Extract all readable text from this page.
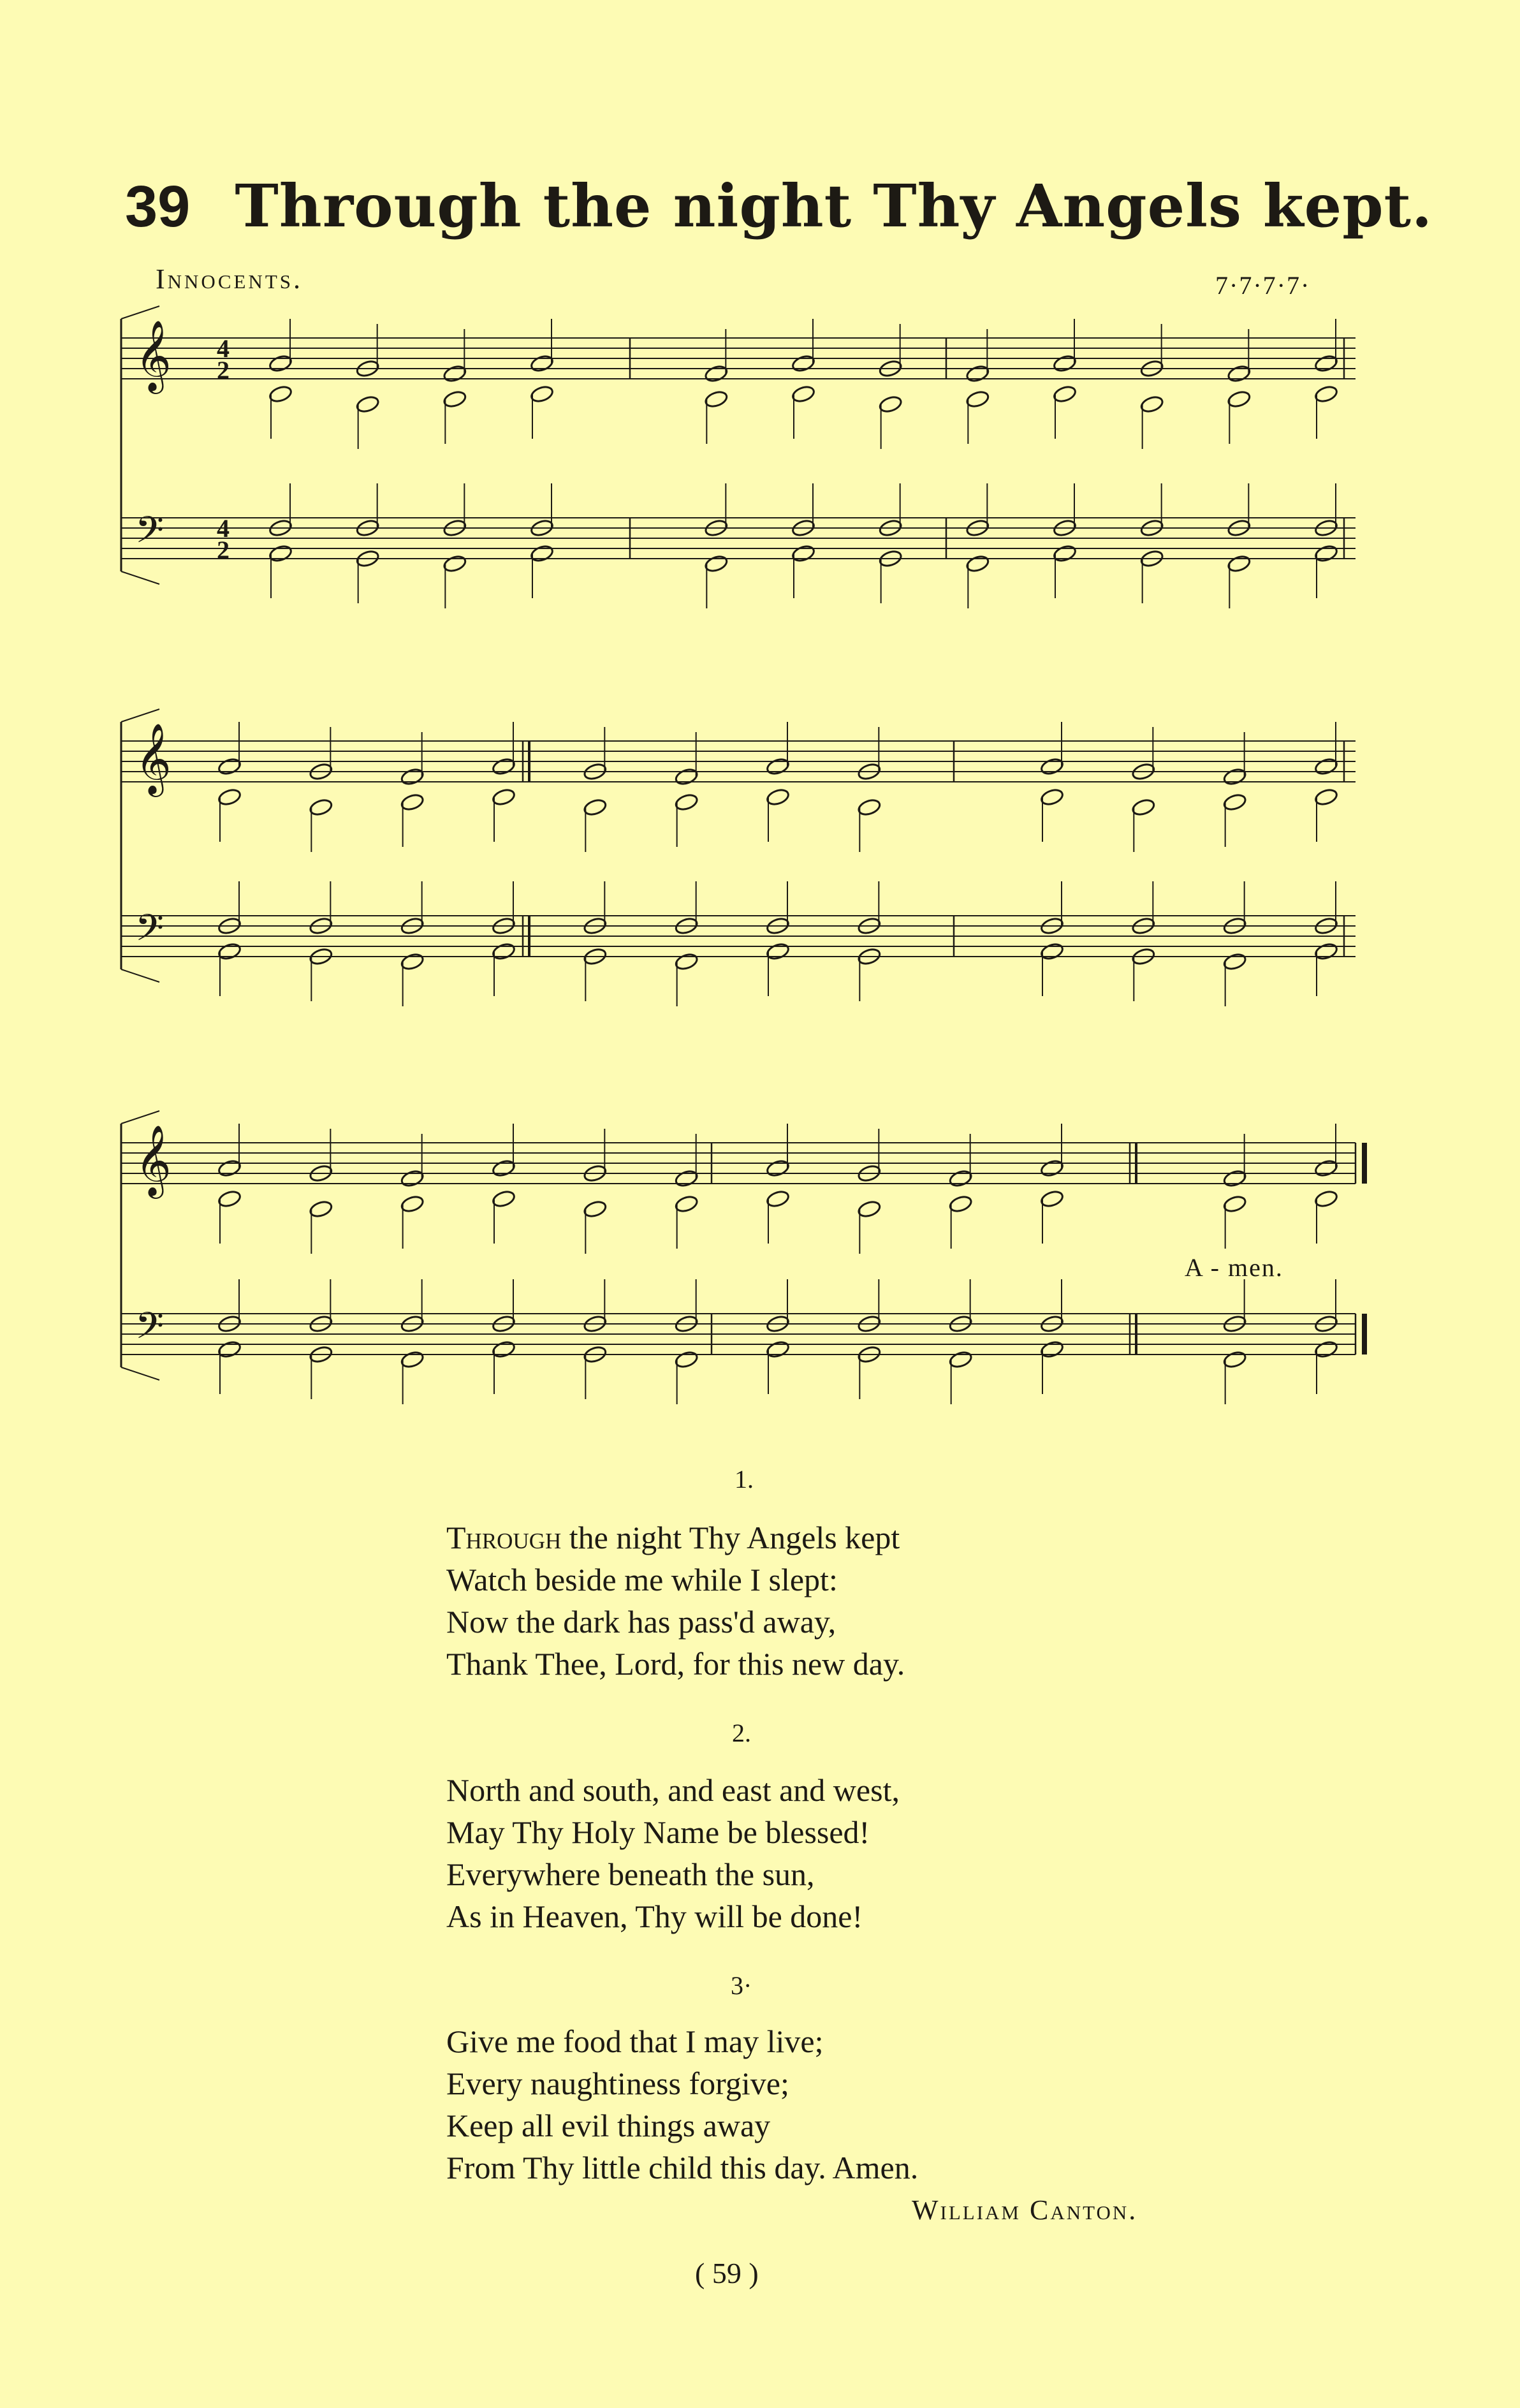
39 Through the night Thy Angels kept.
Innocents.	7·7·7·7·
𝄞 4
2
𝄢 4
2
𝄞
𝄢
𝄞
𝄢
A - men.
1.
Through the night Thy Angels kept
Watch beside me while I slept:
Now the dark has pass'd away,
Thank Thee, Lord, for this new day.
2.
North and south, and east and west,
May Thy Holy Name be blessed!
Everywhere beneath the sun,
As in Heaven, Thy will be done!
3·
Give me food that I may live;
Every naughtiness forgive;
Keep all evil things away
From Thy little child this day. Amen.
William Canton.
( 59 )
